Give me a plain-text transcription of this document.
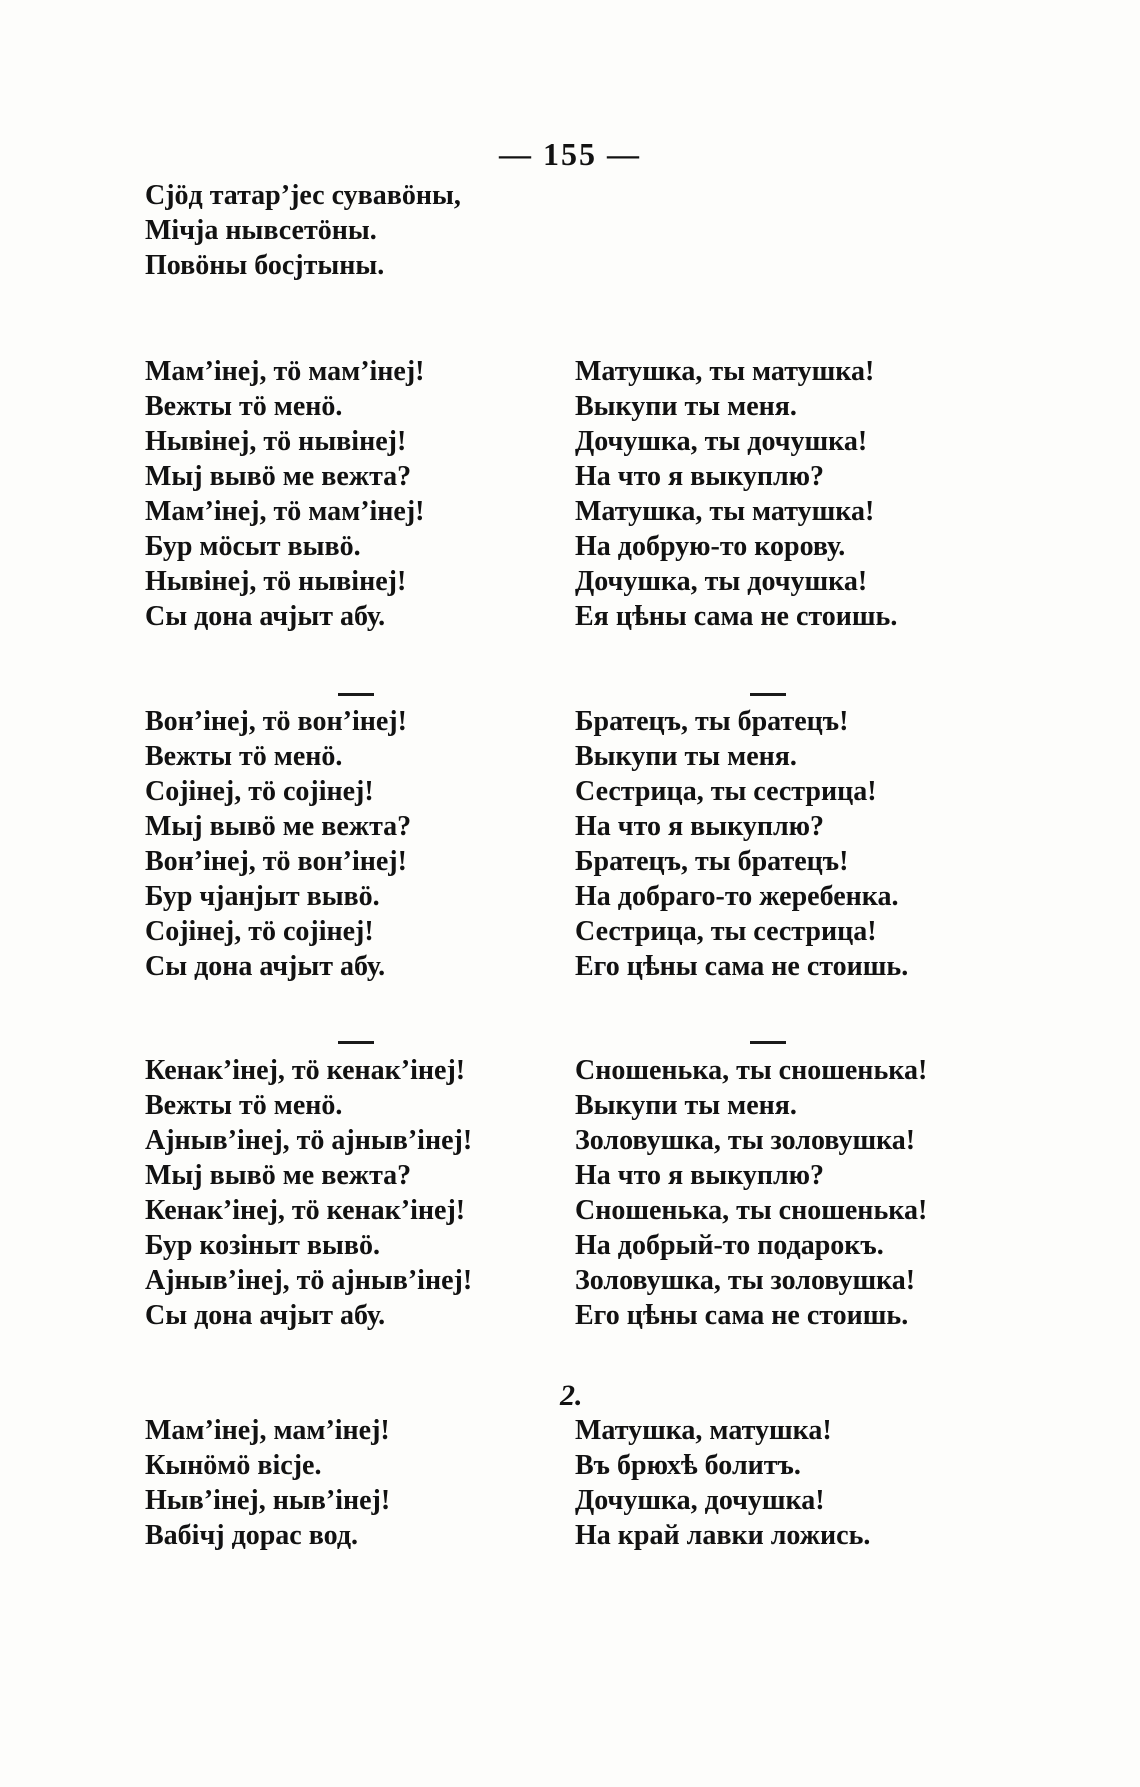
— 155 —
Сјӧд татар’јес сувавӧны,
Мiчја нывсетӧны.
Повӧны босјтыны.
Мам’iнеј, тӧ мам’iнеј!
Вежты тӧ менӧ.
Нывiнеј, тӧ нывiнеј!
Мыј вывӧ ме вежта?
Мам’iнеј, тӧ мам’iнеј!
Бур мӧсыт вывӧ.
Нывiнеј, тӧ нывiнеј!
Сы дона ачјыт абу.
Вон’iнеј, тӧ вон’iнеј!
Вежты тӧ менӧ.
Сојiнеј, тӧ сојiнеј!
Мыј вывӧ ме вежта?
Вон’iнеј, тӧ вон’iнеј!
Бур чјанјыт вывӧ.
Сојiнеј, тӧ сојiнеј!
Сы дона ачјыт абу.
Кенак’iнеј, тӧ кенак’iнеј!
Вежты тӧ менӧ.
Ајныв’iнеј, тӧ ајныв’iнеј!
Мыј вывӧ ме вежта?
Кенак’iнеј, тӧ кенак’iнеј!
Бур козiныт вывӧ.
Ајныв’iнеј, тӧ ајныв’iнеј!
Сы дона ачјыт абу.
Мам’iнеј, мам’iнеј!
Кынӧмӧ вiсје.
Ныв’iнеј, ныв’iнеј!
Вабiчј дорас вод.
Матушка, ты матушка!
Выкупи ты меня.
Дочушка, ты дочушка!
На что я выкуплю?
Матушка, ты матушка!
На добрую-то корову.
Дочушка, ты дочушка!
Ея цѣны сама не стоишь.
Братецъ, ты братецъ!
Выкупи ты меня.
Сестрица, ты сестрица!
На что я выкуплю?
Братецъ, ты братецъ!
На добраго-то жеребенка.
Сестрица, ты сестрица!
Его цѣны сама не стоишь.
Сношенька, ты сношенька!
Выкупи ты меня.
Золовушка, ты золовушка!
На что я выкуплю?
Сношенька, ты сношенька!
На добрый-то подарокъ.
Золовушка, ты золовушка!
Его цѣны сама не стоишь.
2.
Матушка, матушка!
Въ брюхѣ болитъ.
Дочушка, дочушка!
На край лавки ложись.
